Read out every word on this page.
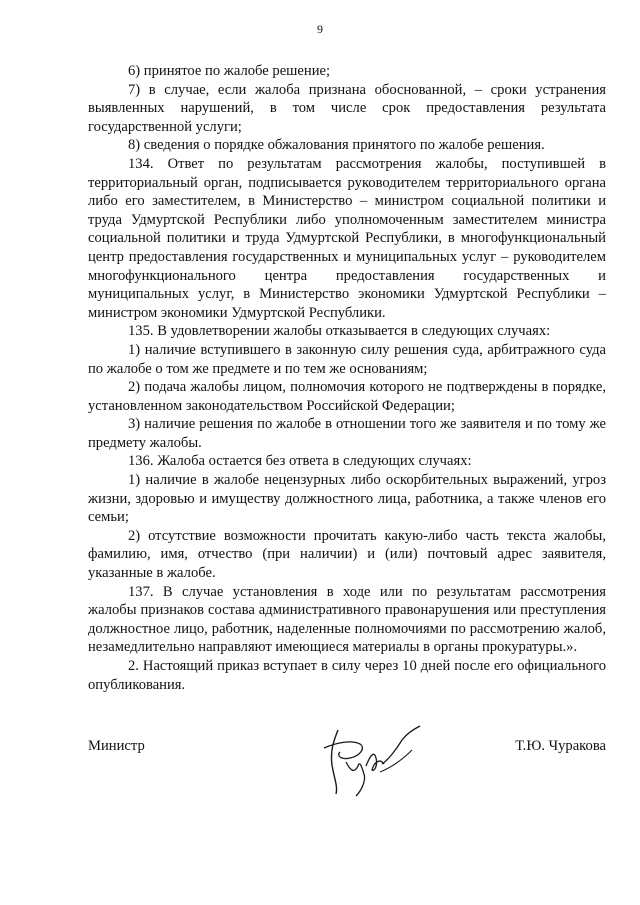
9

6) принятое по жалобе решение;

7) в случае, если жалоба признана обоснованной, – сроки устранения выявленных нарушений, в том числе срок предоставления результата государственной услуги;

8) сведения о порядке обжалования принятого по жалобе решения.

134. Ответ по результатам рассмотрения жалобы, поступившей в территориальный орган, подписывается руководителем территориального органа либо его заместителем, в Министерство – министром социальной политики и труда Удмуртской Республики либо уполномоченным заместителем министра социальной политики и труда Удмуртской Республики, в многофункциональный центр предоставления государственных и муниципальных услуг – руководителем многофункционального центра предоставления государственных и муниципальных услуг, в Министерство экономики Удмуртской Республики – министром экономики Удмуртской Республики.

135. В удовлетворении жалобы отказывается в следующих случаях:

1) наличие вступившего в законную силу решения суда, арбитражного суда по жалобе о том же предмете и по тем же основаниям;

2) подача жалобы лицом, полномочия которого не подтверждены в порядке, установленном законодательством Российской Федерации;

3) наличие решения по жалобе в отношении того же заявителя и по тому же предмету жалобы.

136. Жалоба остается без ответа в следующих случаях:

1) наличие в жалобе нецензурных либо оскорбительных выражений, угроз жизни, здоровью и имуществу должностного лица, работника, а также членов его семьи;

2) отсутствие возможности прочитать какую-либо часть текста жалобы, фамилию, имя, отчество (при наличии) и (или) почтовый адрес заявителя, указанные в жалобе.

137. В случае установления в ходе или по результатам рассмотрения жалобы признаков состава административного правонарушения или преступления должностное лицо, работник, наделенные полномочиями по рассмотрению жалоб, незамедлительно направляют имеющиеся материалы в органы прокуратуры.».

2. Настоящий приказ вступает в силу через 10 дней после его официального опубликования.

Министр	Т.Ю. Чуракова
